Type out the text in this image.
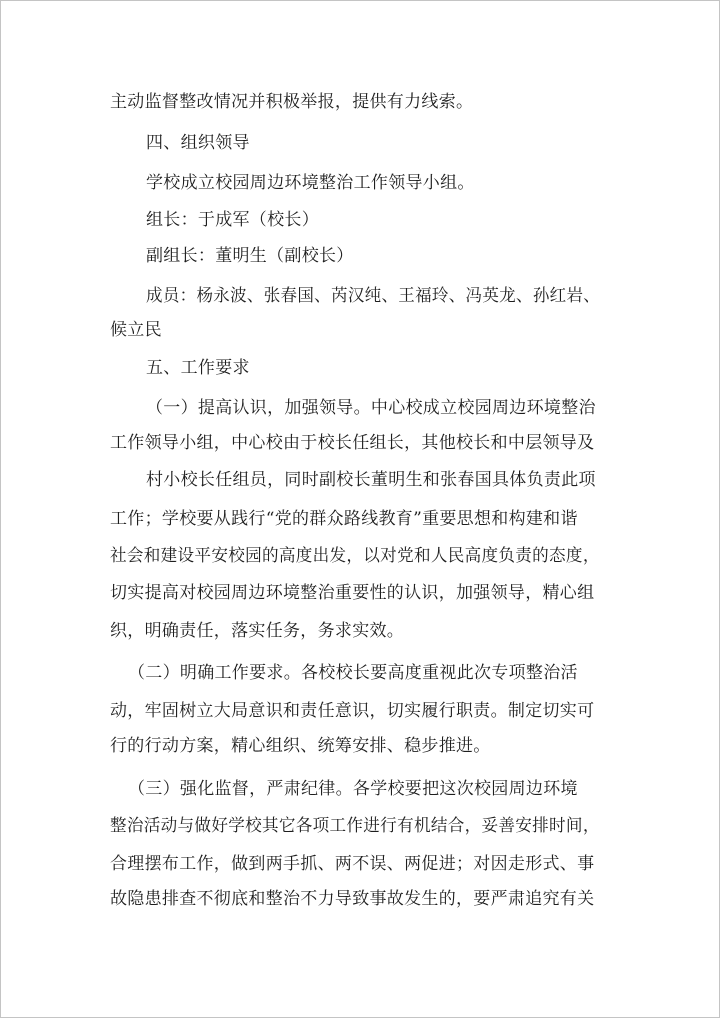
主动监督整改情况并积极举报，提供有力线索。
四、组织领导
学校成立校园周边环境整治工作领导小组。
组长：于成军（校长）
副组长：董明生（副校长）
成员：杨永波、张春国、芮汉纯、王福玲、冯英龙、孙红岩、
候立民
五、工作要求
（一）提高认识，加强领导。中心校成立校园周边环境整治
工作领导小组，中心校由于校长任组长，其他校长和中层领导及
村小校长任组员，同时副校长董明生和张春国具体负责此项
工作；学校要从践行“党的群众路线教育”重要思想和构建和谐
社会和建设平安校园的高度出发，以对党和人民高度负责的态度，
切实提高对校园周边环境整治重要性的认识，加强领导，精心组
织，明确责任，落实任务，务求实效。
（二）明确工作要求。各校校长要高度重视此次专项整治活
动，牢固树立大局意识和责任意识，切实履行职责。制定切实可
行的行动方案，精心组织、统筹安排、稳步推进。
（三）强化监督，严肃纪律。各学校要把这次校园周边环境
整治活动与做好学校其它各项工作进行有机结合，妥善安排时间，
合理摆布工作，做到两手抓、两不误、两促进；对因走形式、事
故隐患排查不彻底和整治不力导致事故发生的，要严肃追究有关
